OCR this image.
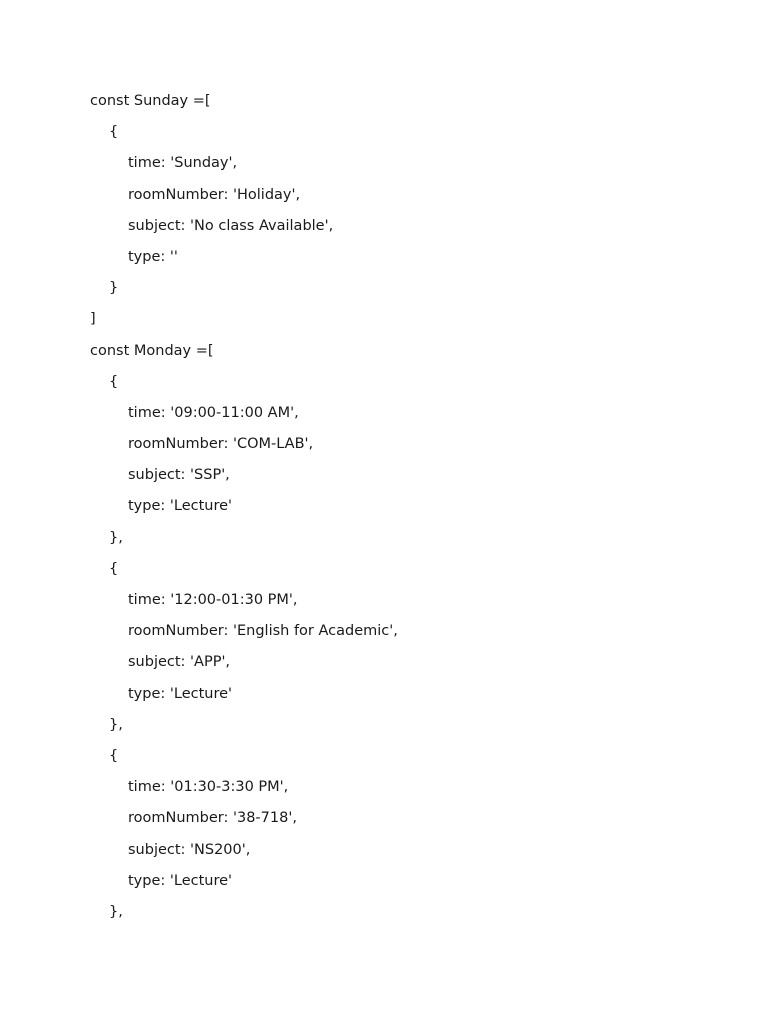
const Sunday =[
{
time: 'Sunday',
roomNumber: 'Holiday',
subject: 'No class Available',
type: ''
}
]
const Monday =[
{
time: '09:00-11:00 AM',
roomNumber: 'COM-LAB',
subject: 'SSP',
type: 'Lecture'
},
{
time: '12:00-01:30 PM',
roomNumber: 'English for Academic',
subject: 'APP',
type: 'Lecture'
},
{
time: '01:30-3:30 PM',
roomNumber: '38-718',
subject: 'NS200',
type: 'Lecture'
},
